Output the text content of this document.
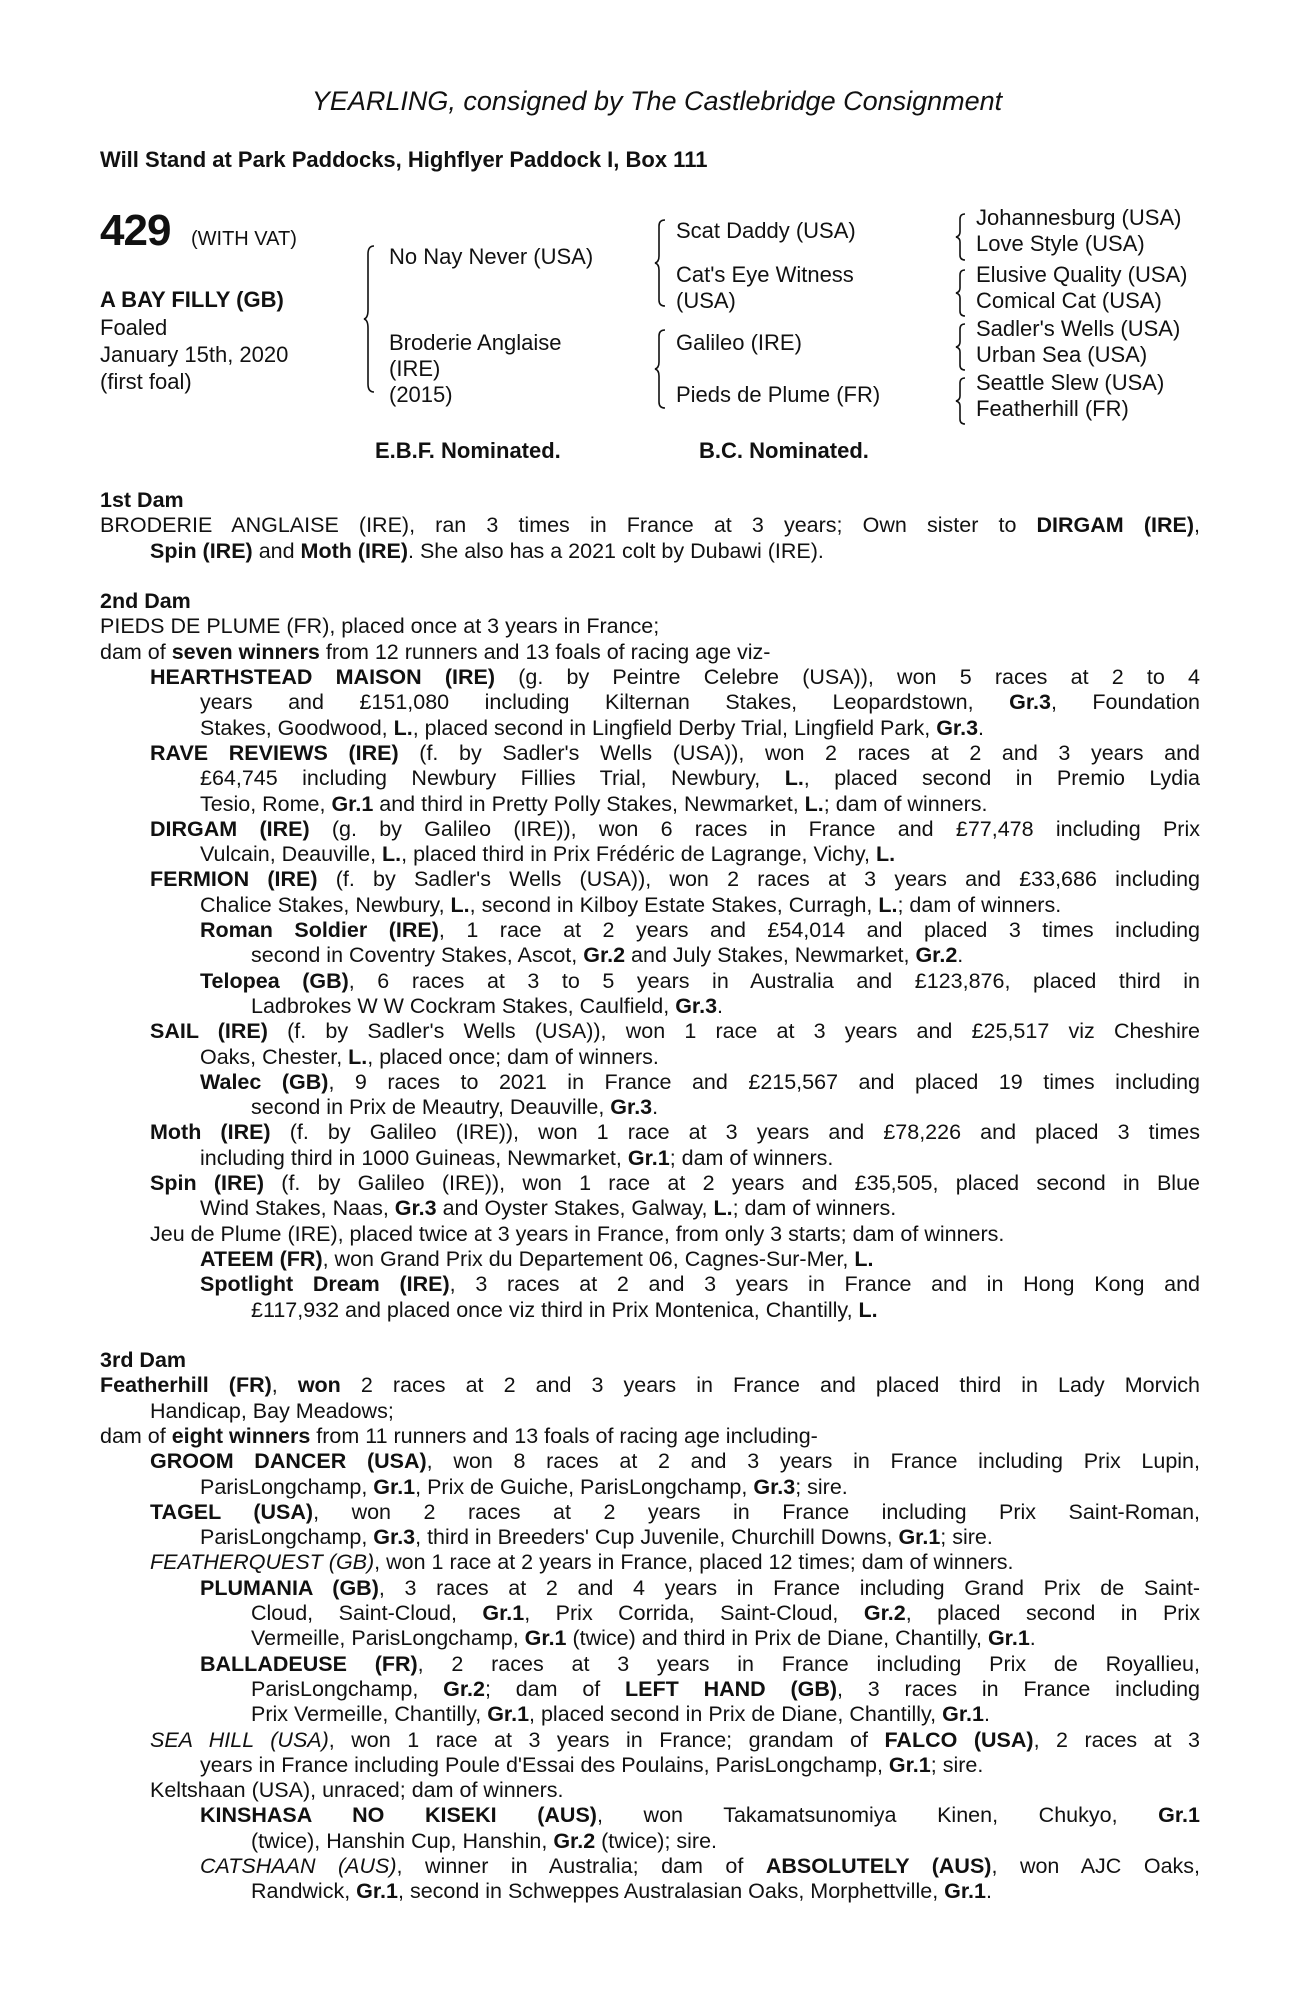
YEARLING, consigned by The Castlebridge Consignment
Will Stand at Park Paddocks, Highflyer Paddock I, Box 111
429 (WITH VAT)
A BAY FILLY (GB)
Foaled
January 15th, 2020
(first foal)
No Nay Never (USA)
Broderie Anglaise
(IRE)
(2015)
Scat Daddy (USA)
Cat's Eye Witness
(USA)
Galileo (IRE)
Pieds de Plume (FR)
Johannesburg (USA)
Love Style (USA)
Elusive Quality (USA)
Comical Cat (USA)
Sadler's Wells (USA)
Urban Sea (USA)
Seattle Slew (USA)
Featherhill (FR)
E.B.F. Nominated.	B.C. Nominated.
1st Dam
BRODERIE ANGLAISE (IRE), ran 3 times in France at 3 years; Own sister to DIRGAM (IRE),
Spin (IRE) and Moth (IRE). She also has a 2021 colt by Dubawi (IRE).
2nd Dam
PIEDS DE PLUME (FR), placed once at 3 years in France;
dam of seven winners from 12 runners and 13 foals of racing age viz-
HEARTHSTEAD MAISON (IRE) (g. by Peintre Celebre (USA)), won 5 races at 2 to 4
years and £151,080 including Kilternan Stakes, Leopardstown, Gr.3, Foundation
Stakes, Goodwood, L., placed second in Lingfield Derby Trial, Lingfield Park, Gr.3.
RAVE REVIEWS (IRE) (f. by Sadler's Wells (USA)), won 2 races at 2 and 3 years and
£64,745 including Newbury Fillies Trial, Newbury, L., placed second in Premio Lydia
Tesio, Rome, Gr.1 and third in Pretty Polly Stakes, Newmarket, L.; dam of winners.
DIRGAM (IRE) (g. by Galileo (IRE)), won 6 races in France and £77,478 including Prix
Vulcain, Deauville, L., placed third in Prix Frédéric de Lagrange, Vichy, L.
FERMION (IRE) (f. by Sadler's Wells (USA)), won 2 races at 3 years and £33,686 including
Chalice Stakes, Newbury, L., second in Kilboy Estate Stakes, Curragh, L.; dam of winners.
Roman Soldier (IRE), 1 race at 2 years and £54,014 and placed 3 times including
second in Coventry Stakes, Ascot, Gr.2 and July Stakes, Newmarket, Gr.2.
Telopea (GB), 6 races at 3 to 5 years in Australia and £123,876, placed third in
Ladbrokes W W Cockram Stakes, Caulfield, Gr.3.
SAIL (IRE) (f. by Sadler's Wells (USA)), won 1 race at 3 years and £25,517 viz Cheshire
Oaks, Chester, L., placed once; dam of winners.
Walec (GB), 9 races to 2021 in France and £215,567 and placed 19 times including
second in Prix de Meautry, Deauville, Gr.3.
Moth (IRE) (f. by Galileo (IRE)), won 1 race at 3 years and £78,226 and placed 3 times
including third in 1000 Guineas, Newmarket, Gr.1; dam of winners.
Spin (IRE) (f. by Galileo (IRE)), won 1 race at 2 years and £35,505, placed second in Blue
Wind Stakes, Naas, Gr.3 and Oyster Stakes, Galway, L.; dam of winners.
Jeu de Plume (IRE), placed twice at 3 years in France, from only 3 starts; dam of winners.
ATEEM (FR), won Grand Prix du Departement 06, Cagnes-Sur-Mer, L.
Spotlight Dream (IRE), 3 races at 2 and 3 years in France and in Hong Kong and
£117,932 and placed once viz third in Prix Montenica, Chantilly, L.
3rd Dam
Featherhill (FR), won 2 races at 2 and 3 years in France and placed third in Lady Morvich
Handicap, Bay Meadows;
dam of eight winners from 11 runners and 13 foals of racing age including-
GROOM DANCER (USA), won 8 races at 2 and 3 years in France including Prix Lupin,
ParisLongchamp, Gr.1, Prix de Guiche, ParisLongchamp, Gr.3; sire.
TAGEL (USA), won 2 races at 2 years in France including Prix Saint-Roman,
ParisLongchamp, Gr.3, third in Breeders' Cup Juvenile, Churchill Downs, Gr.1; sire.
FEATHERQUEST (GB), won 1 race at 2 years in France, placed 12 times; dam of winners.
PLUMANIA (GB), 3 races at 2 and 4 years in France including Grand Prix de Saint-
Cloud, Saint-Cloud, Gr.1, Prix Corrida, Saint-Cloud, Gr.2, placed second in Prix
Vermeille, ParisLongchamp, Gr.1 (twice) and third in Prix de Diane, Chantilly, Gr.1.
BALLADEUSE (FR), 2 races at 3 years in France including Prix de Royallieu,
ParisLongchamp, Gr.2; dam of LEFT HAND (GB), 3 races in France including
Prix Vermeille, Chantilly, Gr.1, placed second in Prix de Diane, Chantilly, Gr.1.
SEA HILL (USA), won 1 race at 3 years in France; grandam of FALCO (USA), 2 races at 3
years in France including Poule d'Essai des Poulains, ParisLongchamp, Gr.1; sire.
Keltshaan (USA), unraced; dam of winners.
KINSHASA NO KISEKI (AUS), won Takamatsunomiya Kinen, Chukyo, Gr.1
(twice), Hanshin Cup, Hanshin, Gr.2 (twice); sire.
CATSHAAN (AUS), winner in Australia; dam of ABSOLUTELY (AUS), won AJC Oaks,
Randwick, Gr.1, second in Schweppes Australasian Oaks, Morphettville, Gr.1.
